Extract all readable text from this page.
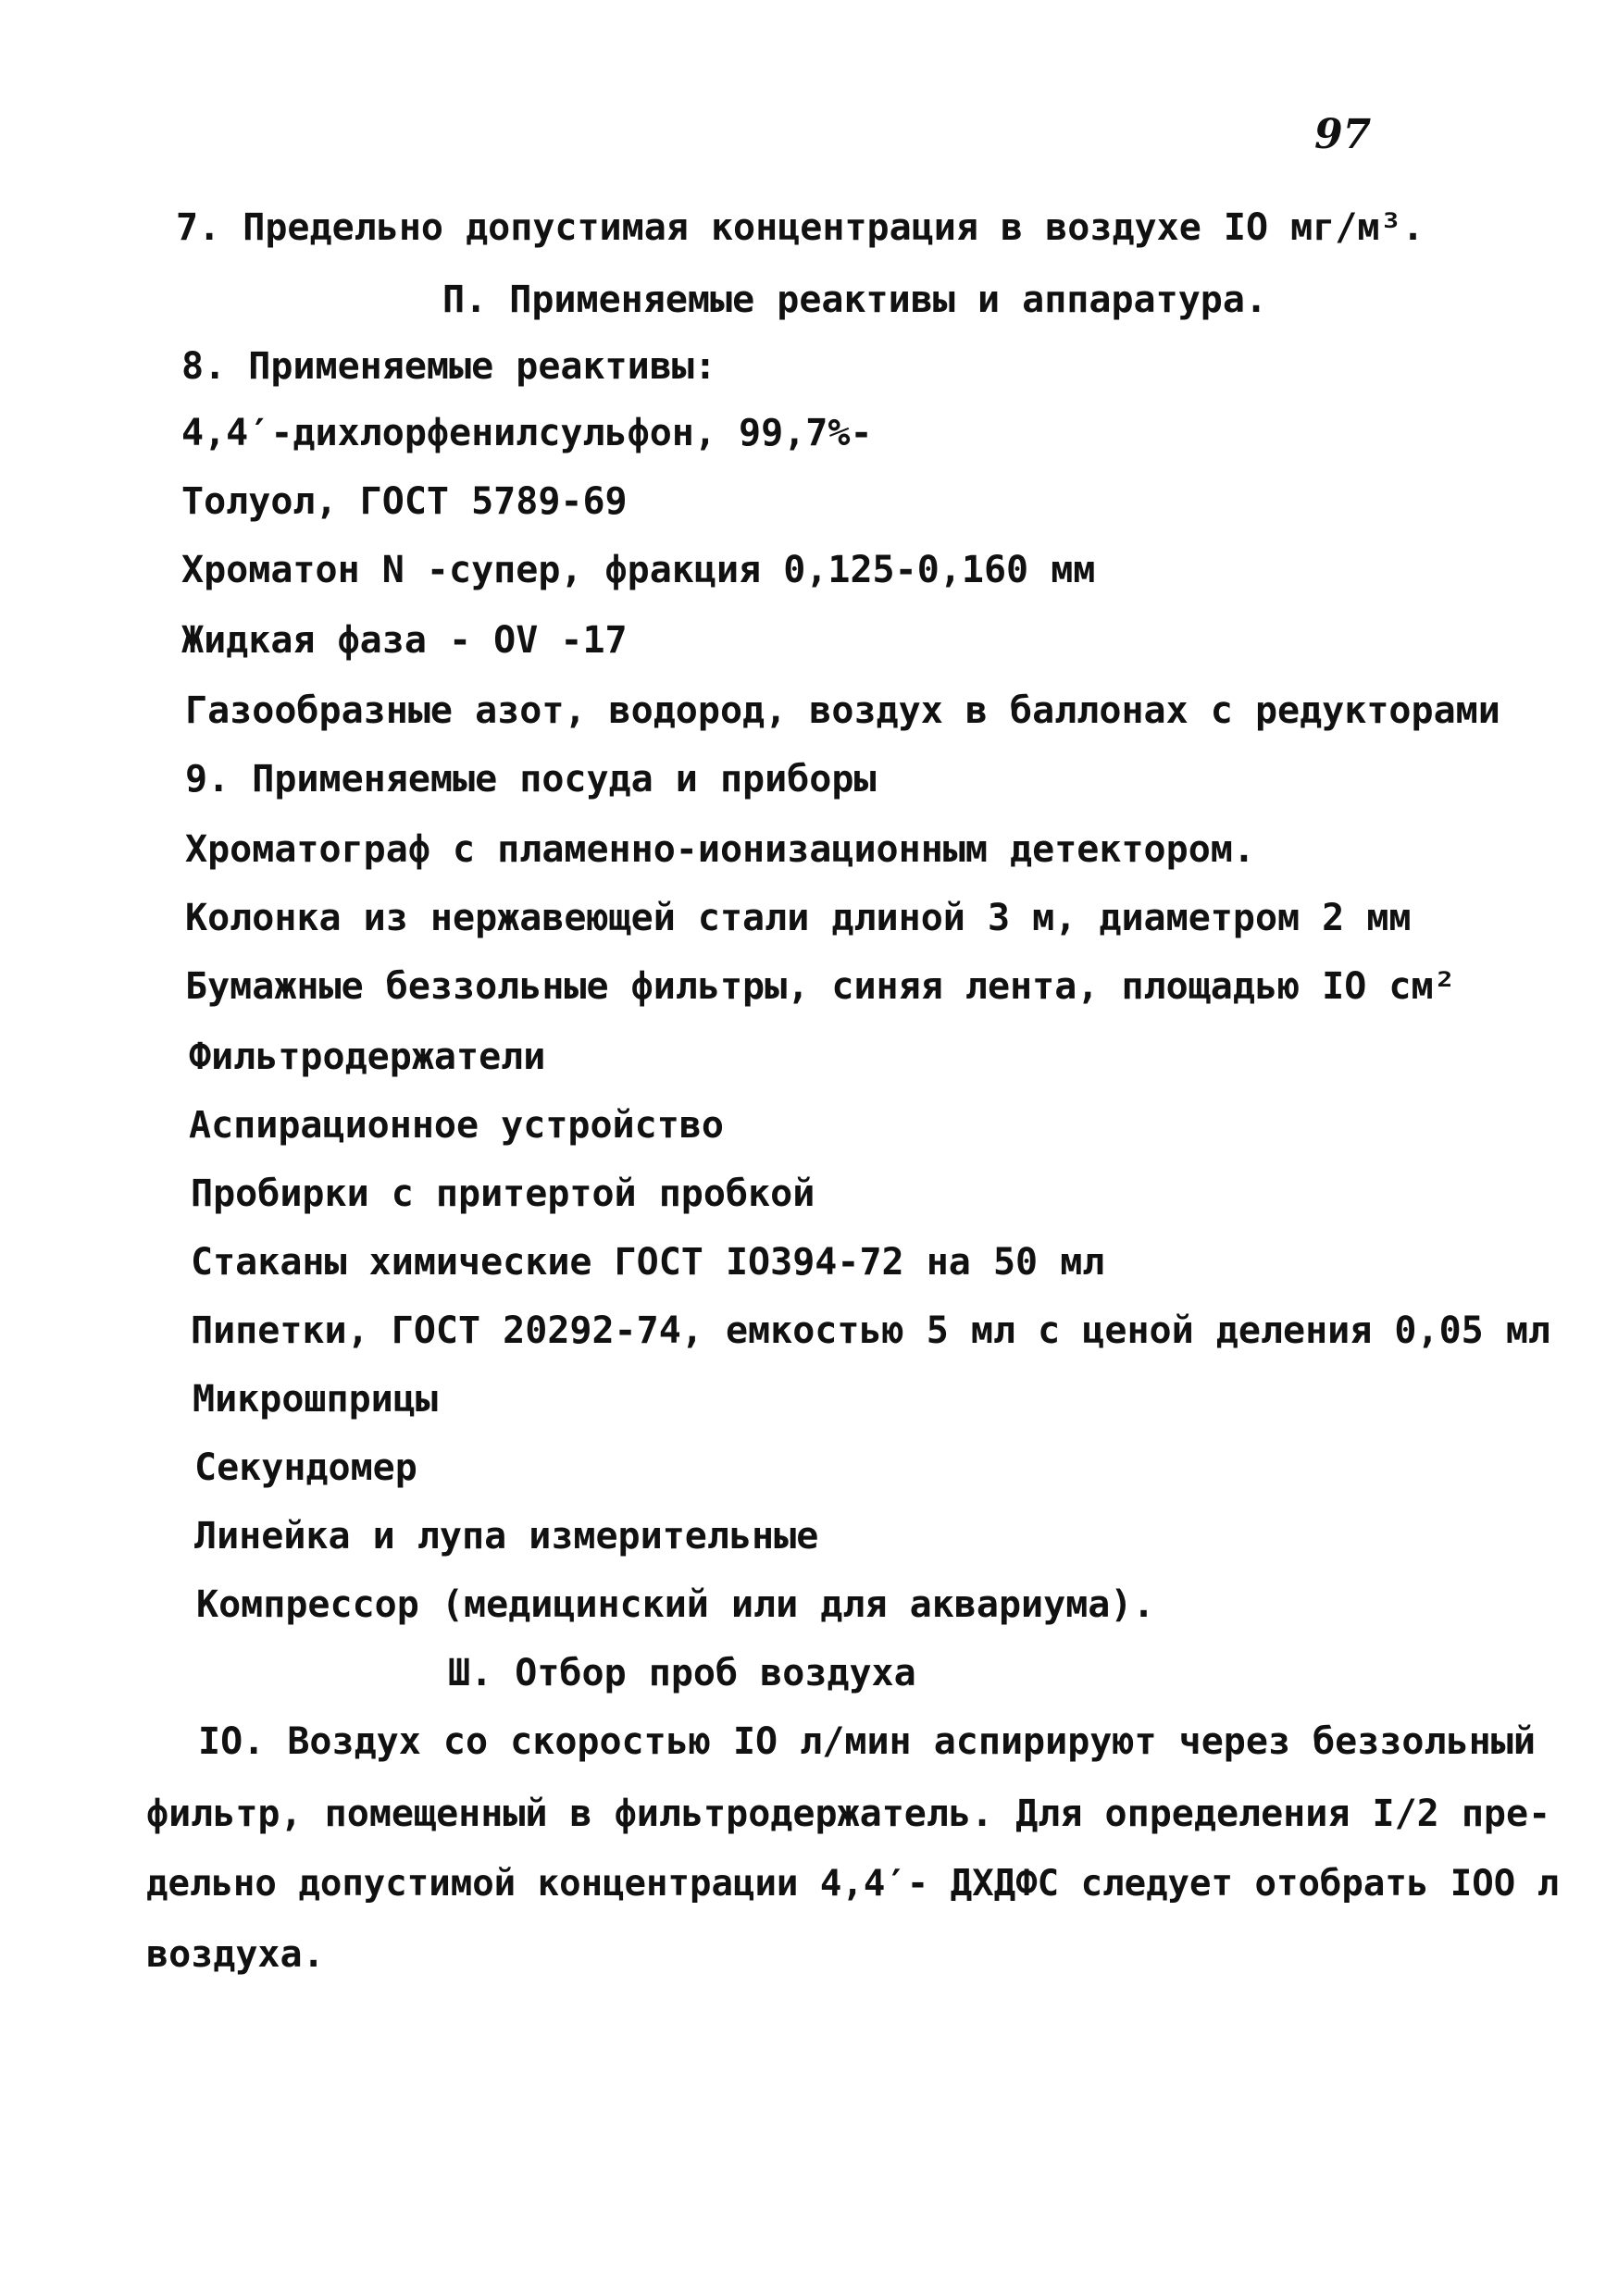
97
7. Предельно допустимая концентрация в воздухе IO мг/м³.
П. Применяемые реактивы и аппаратура.
8. Применяемые реактивы:
4,4′-дихлорфенилсульфон, 99,7%-
Толуол, ГОСТ 5789-69
Хроматон N -супер, фракция 0,125-0,160 мм
Жидкая фаза - OV -17
Газообразные азот, водород, воздух в баллонах с редукторами
9. Применяемые посуда и приборы
Хроматограф с пламенно-ионизационным детектором.
Колонка из нержавеющей стали длиной 3 м, диаметром 2 мм
Бумажные беззольные фильтры, синяя лента, площадью IO см²
Фильтродержатели
Аспирационное устройство
Пробирки с притертой пробкой
Стаканы химические ГОСТ IO394-72 на 50 мл
Пипетки, ГОСТ 20292-74, емкостью 5 мл с ценой деления 0,05 мл
Микрошприцы
Секундомер
Линейка и лупа измерительные
Компрессор (медицинский или для аквариума).
Ш. Отбор проб воздуха
IO. Воздух со скоростью IO л/мин аспирируют через беззольный
фильтр, помещенный в фильтродержатель. Для определения I/2 пре-
дельно допустимой концентрации 4,4′- ДХДФС следует отобрать IOO л
воздуха.
